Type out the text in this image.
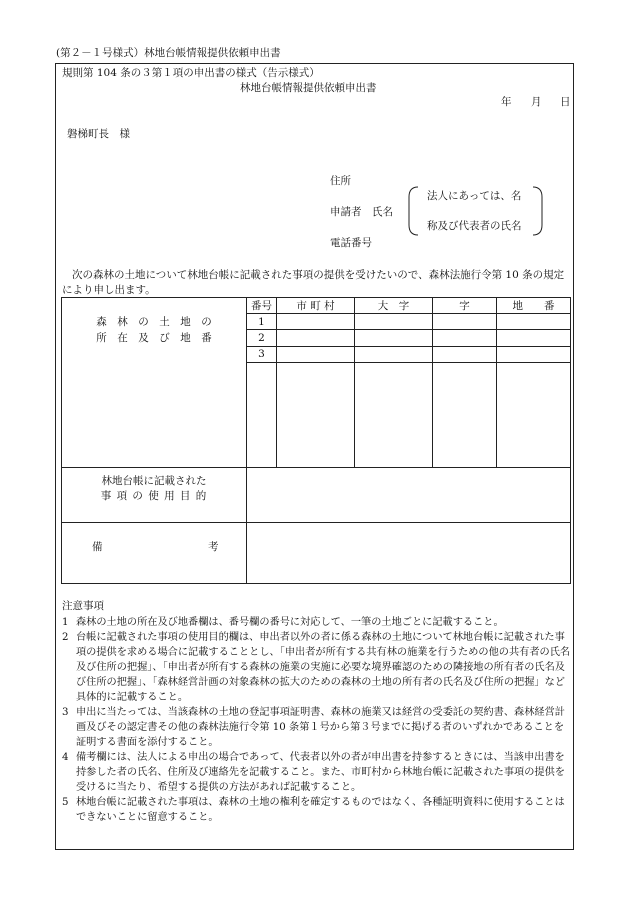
(第２－１号様式）林地台帳情報提供依頼申出書
規則第 104 条の３第１項の申出書の様式（告示様式）
林地台帳情報提供依頼申出書
年 月 日
磐梯町長　様
住所
申請者　氏名
電話番号
法人にあっては、名
称及び代表者の氏名
次の森林の土地について林地台帳に記載された事項の提供を受けたいので、森林法施行令第 10 条の規定により申し出ます。
森　林　の　土　地　の
所　在　及　び　地　番	番号	市 町 村	大　字	字	地　　番
	1				
	2				
	3				

林地台帳に記載された
事 項 の 使 用 目 的					

備 考					

注意事項
1 森林の土地の所在及び地番欄は、番号欄の番号に対応して、一筆の土地ごとに記載すること。
2 台帳に記載された事項の使用目的欄は、申出者以外の者に係る森林の土地について林地台帳に記載された事項の提供を求める場合に記載することとし、「申出者が所有する共有林の施業を行うための他の共有者の氏名及び住所の把握」、「申出者が所有する森林の施業の実施に必要な境界確認のための隣接地の所有者の氏名及び住所の把握」、「森林経営計画の対象森林の拡大のための森林の土地の所有者の氏名及び住所の把握」など具体的に記載すること。
3 申出に当たっては、当該森林の土地の登記事項証明書、森林の施業又は経営の受委託の契約書、森林経営計画及びその認定書その他の森林法施行令第 10 条第１号から第３号までに掲げる者のいずれかであることを証明する書面を添付すること。
4 備考欄には、法人による申出の場合であって、代表者以外の者が申出書を持参するときには、当該申出書を持参した者の氏名、住所及び連絡先を記載すること。また、市町村から林地台帳に記載された事項の提供を受けるに当たり、希望する提供の方法があれば記載すること。
5 林地台帳に記載された事項は、森林の土地の権利を確定するものではなく、各種証明資料に使用することはできないことに留意すること。
